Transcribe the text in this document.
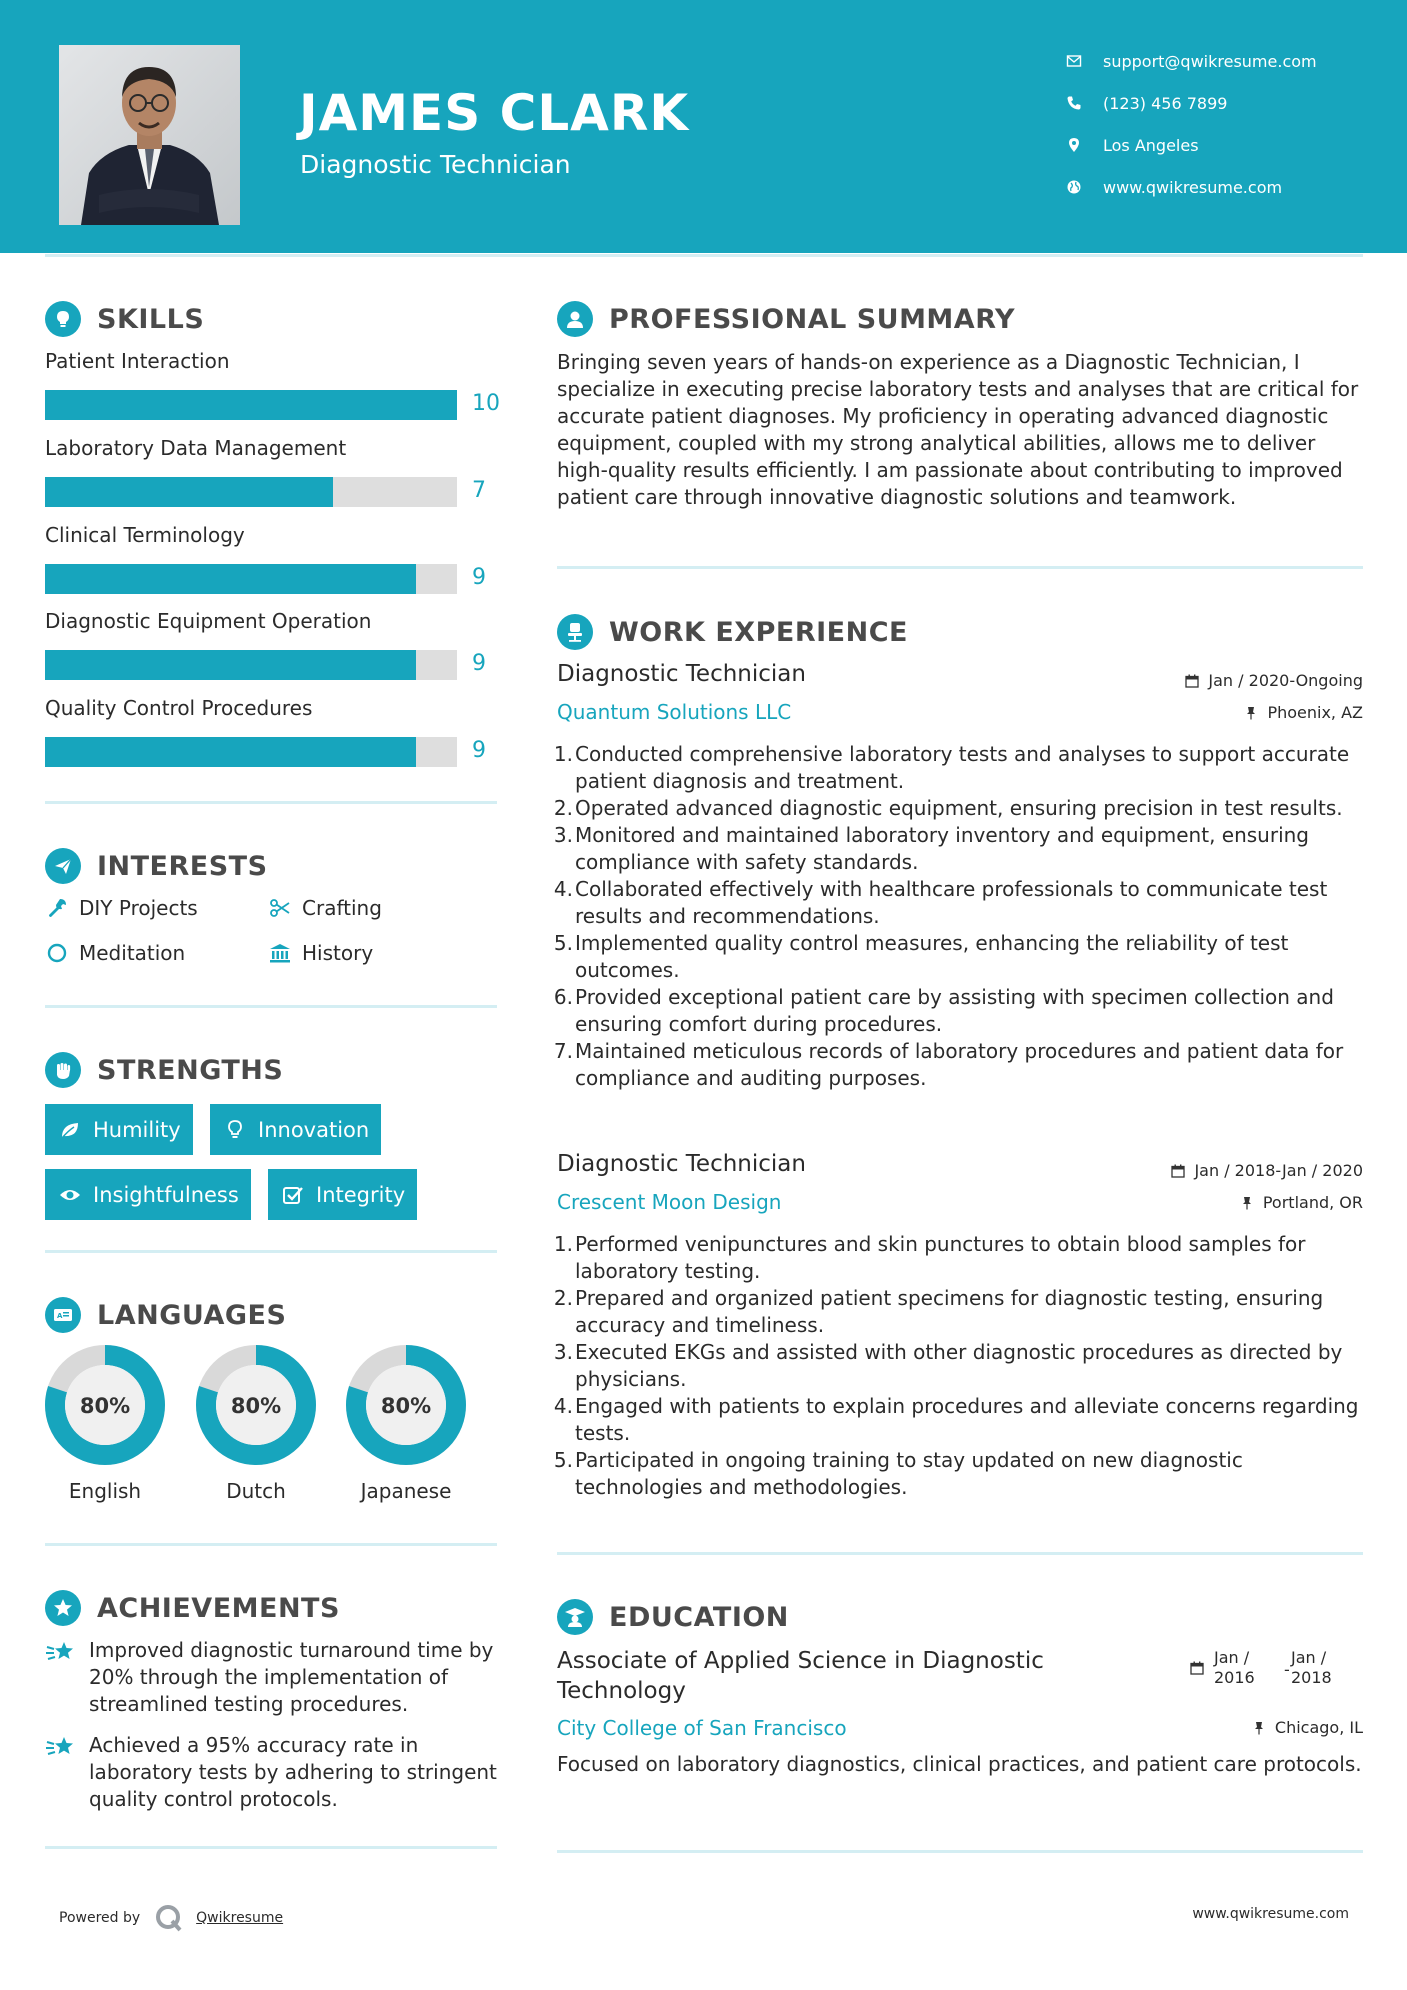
JAMES CLARK
Diagnostic Technician
support@qwikresume.com
(123) 456 7899
Los Angeles
www.qwikresume.com
SKILLS
Patient Interaction
10
Laboratory Data Management
7
Clinical Terminology
9
Diagnostic Equipment Operation
9
Quality Control Procedures
9
INTERESTS
DIY Projects	Crafting
Meditation	History
STRENGTHS
Humility	Innovation
Insightfulness	Integrity
A LANGUAGES
80%
English
80%
Dutch
80%
Japanese
ACHIEVEMENTS
Improved diagnostic turnaround time by 20% through the implementation of streamlined testing procedures.
Achieved a 95% accuracy rate in laboratory tests by adhering to stringent quality control protocols.
PROFESSIONAL SUMMARY
Bringing seven years of hands-on experience as a Diagnostic Technician, I specialize in executing precise laboratory tests and analyses that are critical for accurate patient diagnoses. My proficiency in operating advanced diagnostic equipment, coupled with my strong analytical abilities, allows me to deliver high-quality results efficiently. I am passionate about contributing to improved patient care through innovative diagnostic solutions and teamwork.
WORK EXPERIENCE
Diagnostic Technician
Quantum Solutions LLC
Jan / 2020-Ongoing
Phoenix, AZ
1. Conducted comprehensive laboratory tests and analyses to support accurate patient diagnosis and treatment.
2. Operated advanced diagnostic equipment, ensuring precision in test results.
3. Monitored and maintained laboratory inventory and equipment, ensuring compliance with safety standards.
4. Collaborated effectively with healthcare professionals to communicate test results and recommendations.
5. Implemented quality control measures, enhancing the reliability of test outcomes.
6. Provided exceptional patient care by assisting with specimen collection and ensuring comfort during procedures.
7. Maintained meticulous records of laboratory procedures and patient data for compliance and auditing purposes.
Diagnostic Technician
Crescent Moon Design
Jan / 2018-Jan / 2020
Portland, OR
1. Performed venipunctures and skin punctures to obtain blood samples for laboratory testing.
2. Prepared and organized patient specimens for diagnostic testing, ensuring accuracy and timeliness.
3. Executed EKGs and assisted with other diagnostic procedures as directed by physicians.
4. Engaged with patients to explain procedures and alleviate concerns regarding tests.
5. Participated in ongoing training to stay updated on new diagnostic technologies and methodologies.
EDUCATION
Associate of Applied Science in Diagnostic Technology
City College of San Francisco
Jan / 2016	-
Jan / 2018
Chicago, IL
Focused on laboratory diagnostics, clinical practices, and patient care protocols.
Powered by	Qwikresume	www.qwikresume.com
